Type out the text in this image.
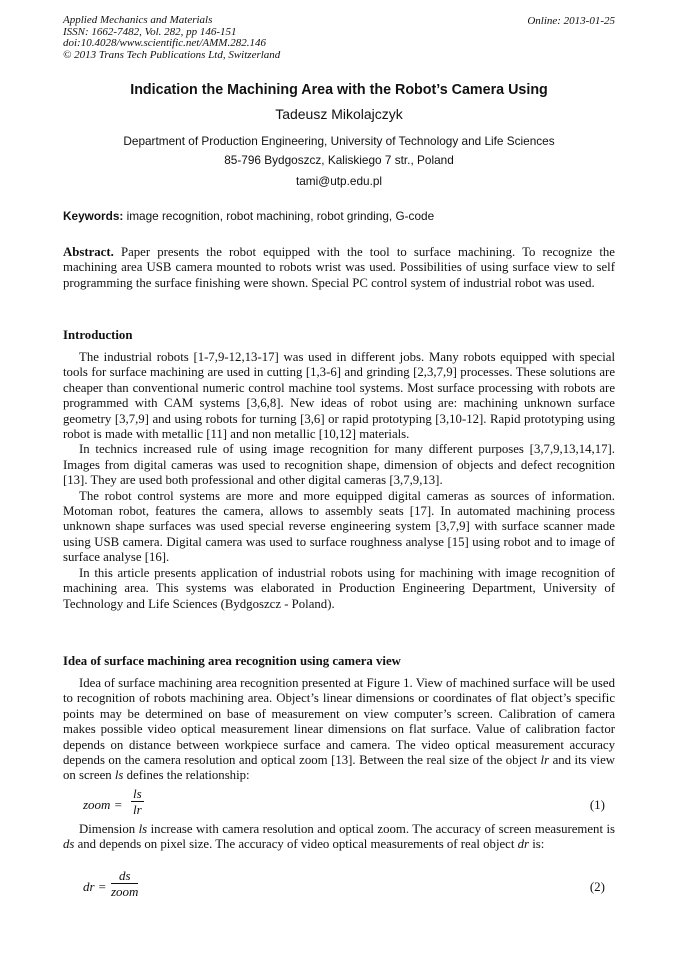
Applied Mechanics and Materials
ISSN: 1662-7482, Vol. 282, pp 146-151
doi:10.4028/www.scientific.net/AMM.282.146
© 2013 Trans Tech Publications Ltd, Switzerland
Online: 2013-01-25
Indication the Machining Area with the Robot’s Camera Using
Tadeusz Mikolajczyk
Department of Production Engineering, University of Technology and Life Sciences
85-796 Bydgoszcz, Kaliskiego 7 str., Poland
tami@utp.edu.pl
Keywords: image recognition, robot machining, robot grinding, G-code

Abstract. Paper presents the robot equipped with the tool to surface machining. To recognize the machining area USB camera mounted to robots wrist was used. Possibilities of using surface view to self programming the surface finishing were shown. Special PC control system of industrial robot was used.

Introduction

The industrial robots [1-7,9-12,13-17] was used in different jobs. Many robots equipped with special tools for surface machining are used in cutting [1,3-6] and grinding [2,3,7,9] processes. These solutions are cheaper than conventional numeric control machine tool systems. Most surface processing with robots are programmed with CAM systems [3,6,8]. New ideas of robot using are: machining unknown surface geometry [3,7,9] and using robots for turning [3,6] or rapid prototyping [3,10-12]. Rapid prototyping using robot is made with metallic [11] and non metallic [10,12] materials.

In technics increased rule of using image recognition for many different purposes [3,7,9,13,14,17]. Images from digital cameras was used to recognition shape, dimension of objects and defect recognition [13]. They are used both professional and other digital cameras [3,7,9,13].

The robot control systems are more and more equipped digital cameras as sources of information. Motoman robot, features the camera, allows to assembly seats [17]. In automated machining process unknown shape surfaces was used special reverse engineering system [3,7,9] with surface scanner made using USB camera. Digital camera was used to surface roughness analyse [15] using robot and to image of surface analyse [16].

In this article presents application of industrial robots using for machining with image recognition of machining area. This systems was elaborated in Production Engineering Department, University of Technology and Life Sciences (Bydgoszcz - Poland).

Idea of surface machining area recognition using camera view

Idea of surface machining area recognition presented at Figure 1. View of machined surface will be used to recognition of robots machining area. Object’s linear dimensions or coordinates of flat object’s specific points may be determined on base of measurement on view computer’s screen. Calibration of camera makes possible video optical measurement linear dimensions on flat surface. Value of calibration factor depends on distance between workpiece surface and camera. The video optical measurement accuracy depends on the camera resolution and optical zoom [13]. Between the real size of the object lr and its view on screen ls defines the relationship:

zoom = $\frac{ls}{lr}$	(1)

Dimension ls increase with camera resolution and optical zoom. The accuracy of screen measurement is ds and depends on pixel size. The accuracy of video optical measurements of real object dr is:

dr =
ds
zoom	(2)
